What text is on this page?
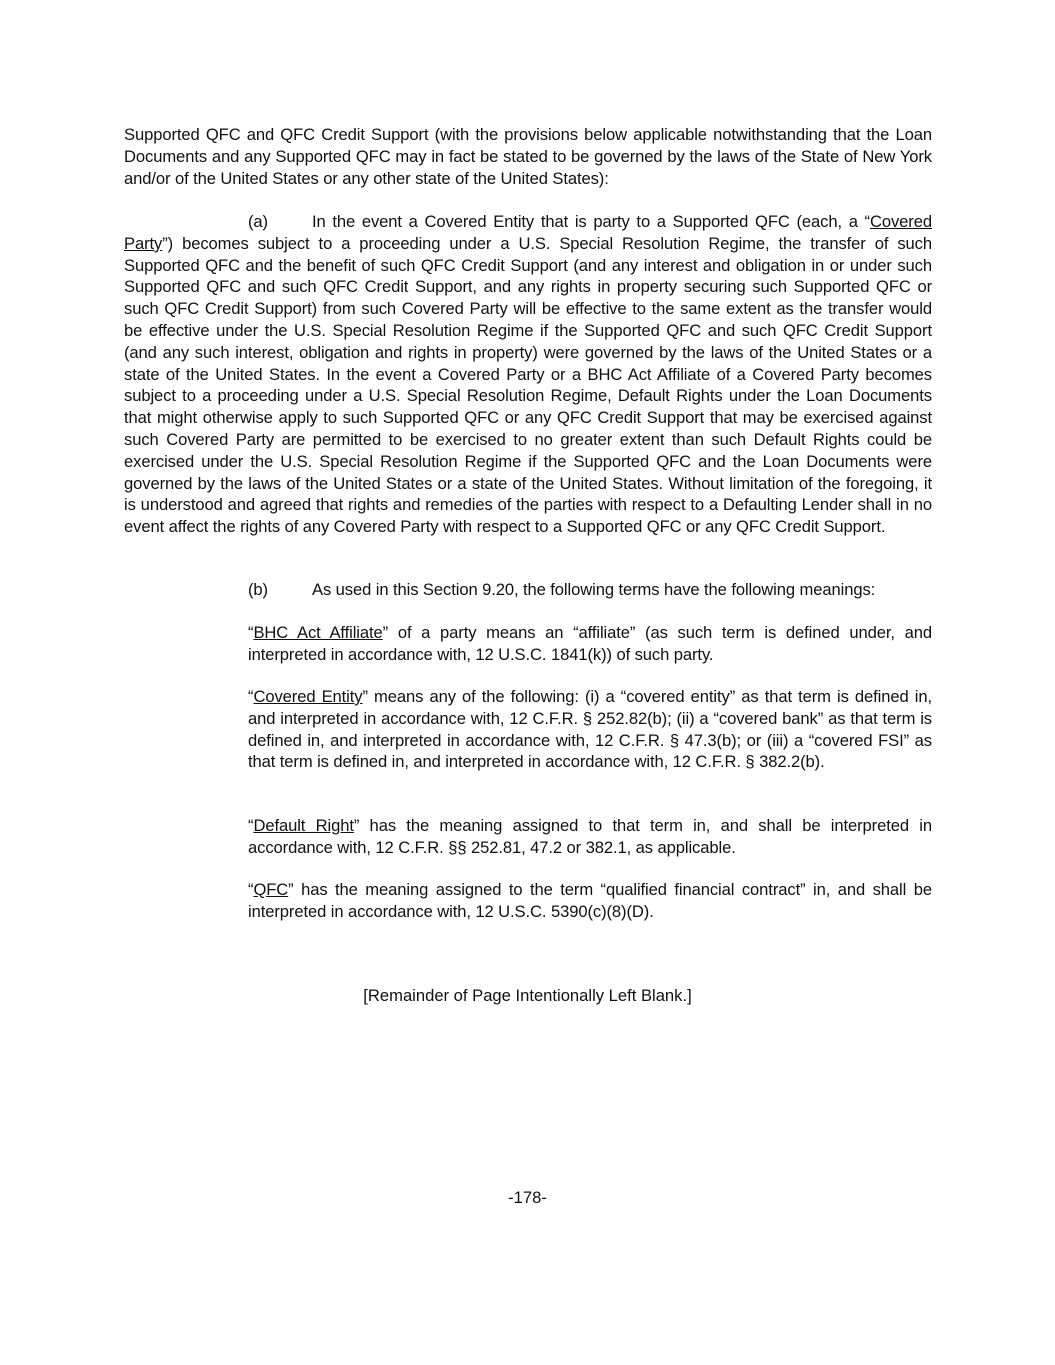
Supported QFC and QFC Credit Support (with the provisions below applicable notwithstanding that the Loan Documents and any Supported QFC may in fact be stated to be governed by the laws of the State of New York and/or of the United States or any other state of the United States):

(a)	In the event a Covered Entity that is party to a Supported QFC (each, a “Covered Party”) becomes subject to a proceeding under a U.S. Special Resolution Regime, the transfer of such Supported QFC and the benefit of such QFC Credit Support (and any interest and obligation in or under such Supported QFC and such QFC Credit Support, and any rights in property securing such Supported QFC or such QFC Credit Support) from such Covered Party will be effective to the same extent as the transfer would be effective under the U.S. Special Resolution Regime if the Supported QFC and such QFC Credit Support (and any such interest, obligation and rights in property) were governed by the laws of the United States or a state of the United States. In the event a Covered Party or a BHC Act Affiliate of a Covered Party becomes subject to a proceeding under a U.S. Special Resolution Regime, Default Rights under the Loan Documents that might otherwise apply to such Supported QFC or any QFC Credit Support that may be exercised against such Covered Party are permitted to be exercised to no greater extent than such Default Rights could be exercised under the U.S. Special Resolution Regime if the Supported QFC and the Loan Documents were governed by the laws of the United States or a state of the United States. Without limitation of the foregoing, it is understood and agreed that rights and remedies of the parties with respect to a Defaulting Lender shall in no event affect the rights of any Covered Party with respect to a Supported QFC or any QFC Credit Support.

(b)	As used in this Section 9.20, the following terms have the following meanings:

“BHC Act Affiliate” of a party means an “affiliate” (as such term is defined under, and interpreted in accordance with, 12 U.S.C. 1841(k)) of such party.

“Covered Entity” means any of the following: (i) a “covered entity” as that term is defined in, and interpreted in accordance with, 12 C.F.R. § 252.82(b); (ii) a “covered bank” as that term is defined in, and interpreted in accordance with, 12 C.F.R. § 47.3(b); or (iii) a “covered FSI” as that term is defined in, and interpreted in accordance with, 12 C.F.R. § 382.2(b).

“Default Right” has the meaning assigned to that term in, and shall be interpreted in accordance with, 12 C.F.R. §§ 252.81, 47.2 or 382.1, as applicable.

“QFC” has the meaning assigned to the term “qualified financial contract” in, and shall be interpreted in accordance with, 12 U.S.C. 5390(c)(8)(D).

[Remainder of Page Intentionally Left Blank.]

-178-
